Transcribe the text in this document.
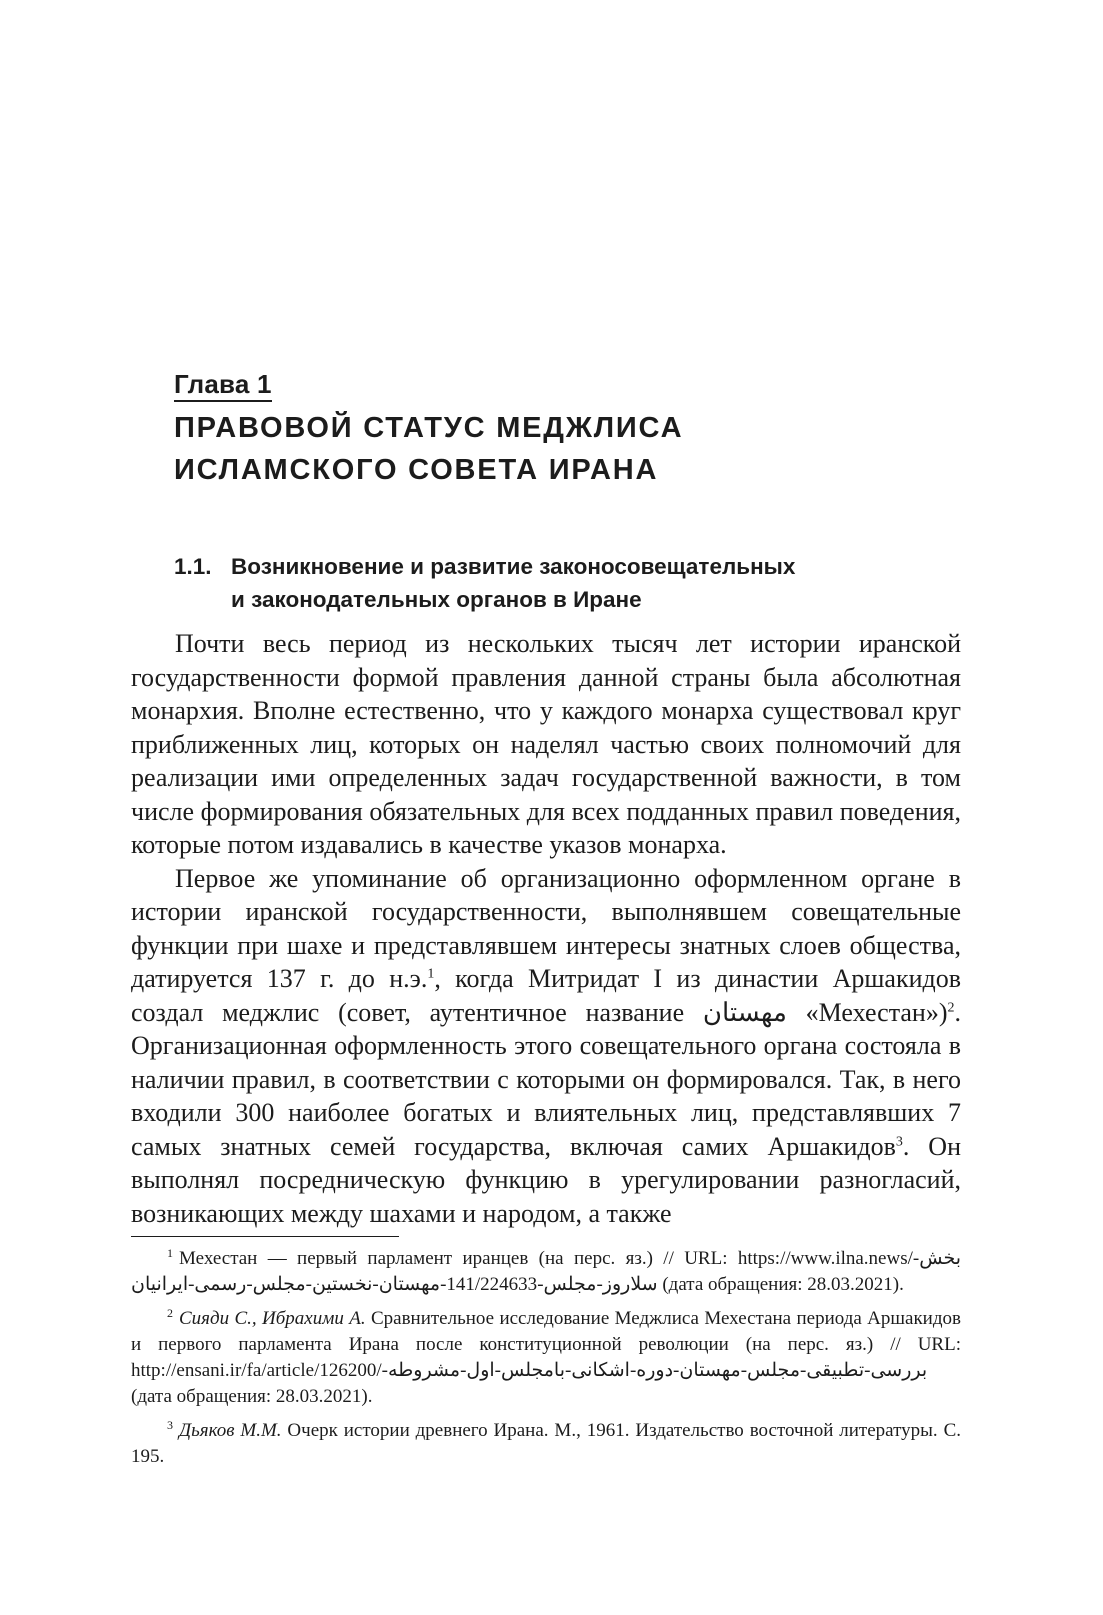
Глава 1
ПРАВОВОЙ СТАТУС МЕДЖЛИСА
ИСЛАМСКОГО СОВЕТА ИРАНА
1.1. Возникновение и развитие законосовещательных
и законодательных органов в Иране

Почти весь период из нескольких тысяч лет истории иранской государственности формой правления данной страны была абсолютная монархия. Вполне естественно, что у каждого монарха существовал круг приближенных лиц, которых он наделял частью своих полномочий для реализации ими определенных задач государственной важности, в том числе формирования обязательных для всех подданных правил поведения, которые потом издавались в качестве указов монарха.

Первое же упоминание об организационно оформленном органе в истории иранской государственности, выполнявшем совещательные функции при шахе и представлявшем интересы знатных слоев общества, датируется 137 г. до н.э.$^1$, когда Митридат I из династии Аршакидов создал меджлис (совет, аутентичное название مهستان «Мехестан»)$^2$. Организационная оформленность этого совещательного органа состояла в наличии правил, в соответствии с которыми он формировался. Так, в него входили 300 наиболее богатых и влиятельных лиц, представлявших 7 самых знатных семей государства, включая самих Аршакидов$^3$. Он выполнял посредническую функцию в урегулировании разногласий, возникающих между шахами и народом, а также

$^1$ Мехестан — первый парламент иранцев (на перс. яз.) // URL: https://www.ilna.news/بخش-سلاروز-مجلس-141/224633-مهستان-نخستين-مجلس-رسمی-ايرانيان (дата обращения: 28.03.2021).

$^2$ Сияди С., Ибрахими А. Сравнительное исследование Меджлиса Мехестана периода Аршакидов и первого парламента Ирана после конституционной революции (на перс. яз.) // URL: http://ensani.ir/fa/article/126200/-بررسی-تطبيقی-مجلس-مهستان-دوره-اشکانی-بامجلس-اول-مشروطه (дата обращения: 28.03.2021).

$^3$ Дьяков М.М. Очерк истории древнего Ирана. М., 1961. Издательство восточной литературы. С. 195.
